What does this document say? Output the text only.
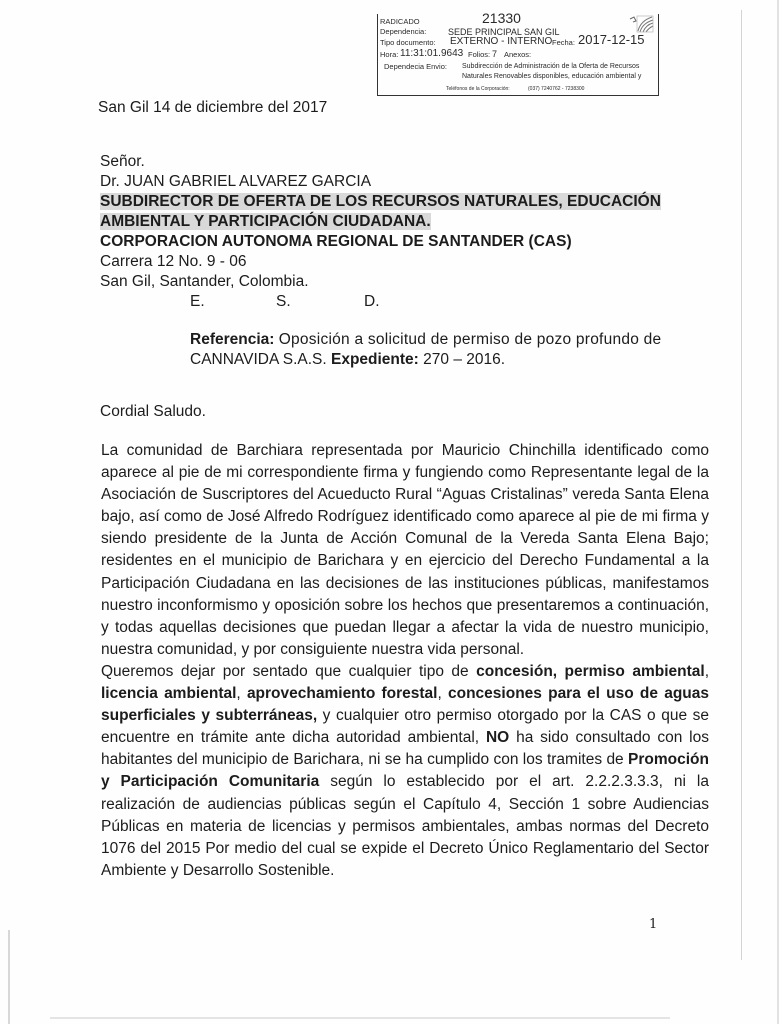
RADICADO	21330
Dependencia: SEDE PRINCIPAL SAN GIL
Tipo documento: EXTERNO - INTERNO Fecha: 2017-12-15
Hora: 11:31:01.9643 Folios: 7 Anexos:
Dependecia Envio: Subdirección de Administración de la Oferta de Recursos
Naturales Renovables disponibles, educación ambiental y
Teléfonos de la Corporación:	(037) 7240762 - 7238300
San Gil 14 de diciembre del 2017
Señor.
Dr. JUAN GABRIEL ALVAREZ GARCIA
SUBDIRECTOR DE OFERTA DE LOS RECURSOS NATURALES, EDUCACIÓN
AMBIENTAL Y PARTICIPACIÓN CIUDADANA.
CORPORACION AUTONOMA REGIONAL DE SANTANDER (CAS)
Carrera 12 No. 9 - 06
San Gil, Santander, Colombia.
E.	S.	D.
Referencia: Oposición a solicitud de permiso de pozo profundo de
CANNAVIDA S.A.S. Expediente: 270 – 2016.
Cordial Saludo.
La comunidad de Barchiara representada por Mauricio Chinchilla identificado como aparece al pie de mi correspondiente firma y fungiendo como Representante legal de la Asociación de Suscriptores del Acueducto Rural “Aguas Cristalinas” vereda Santa Elena bajo, así como de José Alfredo Rodríguez identificado como aparece al pie de mi firma y siendo presidente de la Junta de Acción Comunal de la Vereda Santa Elena Bajo; residentes en el municipio de Barichara y en ejercicio del Derecho Fundamental a la Participación Ciudadana en las decisiones de las instituciones públicas, manifestamos nuestro inconformismo y oposición sobre los hechos que presentaremos a continuación, y todas aquellas decisiones que puedan llegar a afectar la vida de nuestro municipio, nuestra comunidad, y por consiguiente nuestra vida personal.
Queremos dejar por sentado que cualquier tipo de concesión, permiso ambiental, licencia ambiental, aprovechamiento forestal, concesiones para el uso de aguas superficiales y subterráneas, y cualquier otro permiso otorgado por la CAS o que se encuentre en trámite ante dicha autoridad ambiental, NO ha sido consultado con los habitantes del municipio de Barichara, ni se ha cumplido con los tramites de Promoción y Participación Comunitaria según lo establecido por el art. 2.2.2.3.3.3, ni la realización de audiencias públicas según el Capítulo 4, Sección 1 sobre Audiencias Públicas en materia de licencias y permisos ambientales, ambas normas del Decreto 1076 del 2015 Por medio del cual se expide el Decreto Único Reglamentario del Sector Ambiente y Desarrollo Sostenible.
1
